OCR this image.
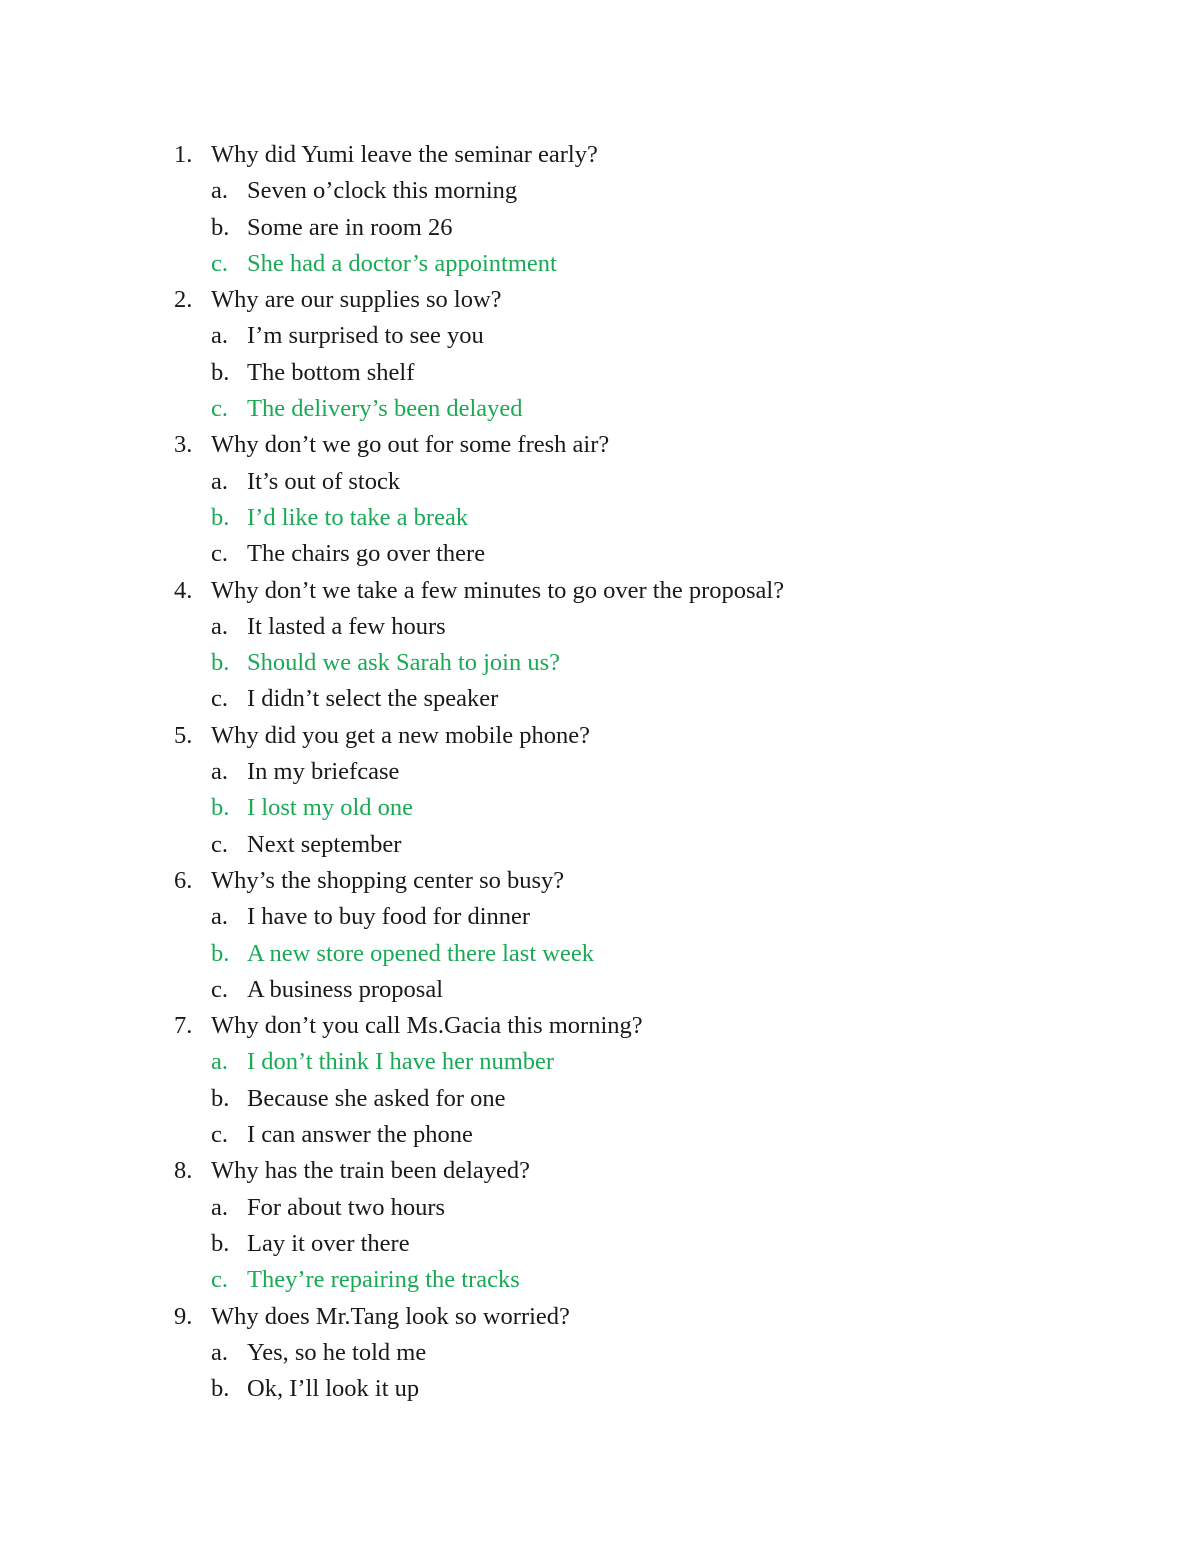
1. Why did Yumi leave the seminar early?
a. Seven o’clock this morning
b. Some are in room 26
c. She had a doctor’s appointment
2. Why are our supplies so low?
a. I’m surprised to see you
b. The bottom shelf
c. The delivery’s been delayed
3. Why don’t we go out for some fresh air?
a. It’s out of stock
b. I’d like to take a break
c. The chairs go over there
4. Why don’t we take a few minutes to go over the proposal?
a. It lasted a few hours
b. Should we ask Sarah to join us?
c. I didn’t select the speaker
5. Why did you get a new mobile phone?
a. In my briefcase
b. I lost my old one
c. Next september
6. Why’s the shopping center so busy?
a. I have to buy food for dinner
b. A new store opened there last week
c. A business proposal
7. Why don’t you call Ms.Gacia this morning?
a. I don’t think I have her number
b. Because she asked for one
c. I can answer the phone
8. Why has the train been delayed?
a. For about two hours
b. Lay it over there
c. They’re repairing the tracks
9. Why does Mr.Tang look so worried?
a. Yes, so he told me
b. Ok, I’ll look it up
